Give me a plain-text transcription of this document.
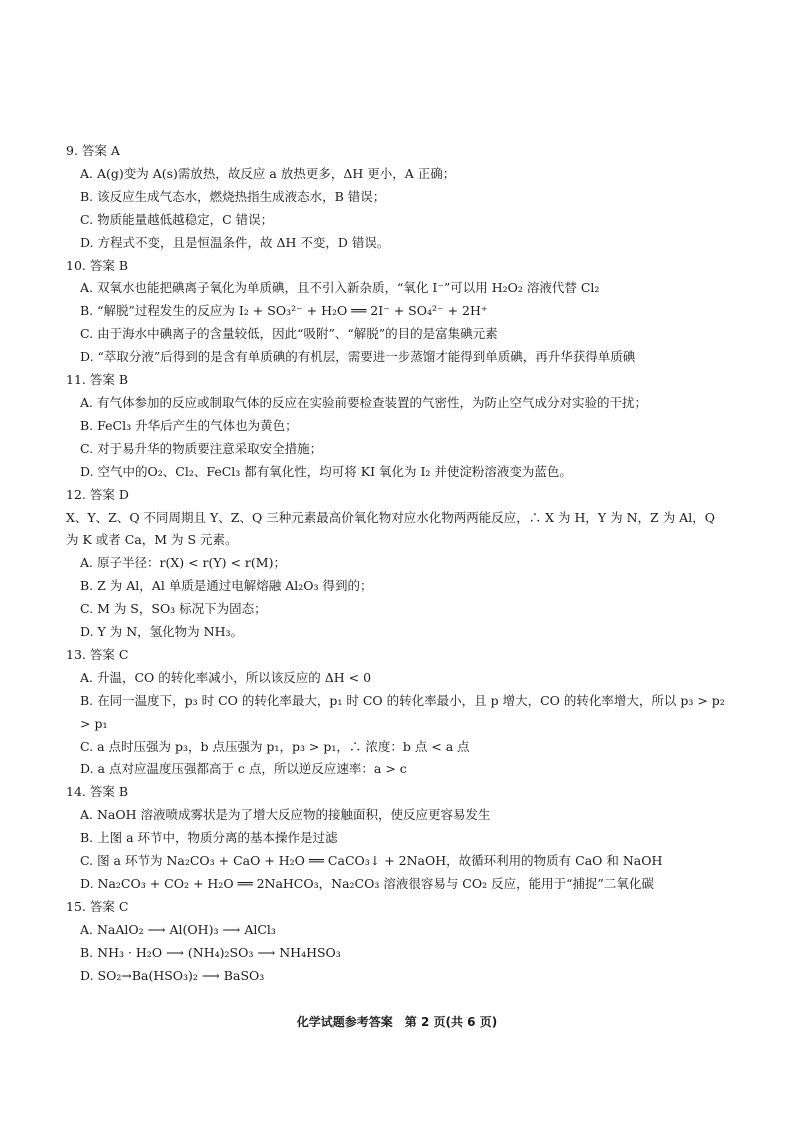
9. 答案 A
A. A(g)变为 A(s)需放热，故反应 a 放热更多，ΔH 更小，A 正确；
B. 该反应生成气态水，燃烧热指生成液态水，B 错误；
C. 物质能量越低越稳定，C 错误；
D. 方程式不变，且是恒温条件，故 ΔH 不变，D 错误。
10. 答案 B
A. 双氧水也能把碘离子氧化为单质碘，且不引入新杂质，“氧化 I⁻”可以用 H₂O₂ 溶液代替 Cl₂
B. “解脱”过程发生的反应为 I₂ + SO₃²⁻ + H₂O ══ 2I⁻ + SO₄²⁻ + 2H⁺
C. 由于海水中碘离子的含量较低，因此“吸附”、“解脱”的目的是富集碘元素
D. “萃取分液”后得到的是含有单质碘的有机层，需要进一步蒸馏才能得到单质碘，再升华获得单质碘
11. 答案 B
A. 有气体参加的反应或制取气体的反应在实验前要检查装置的气密性，为防止空气成分对实验的干扰；
B. FeCl₃ 升华后产生的气体也为黄色；
C. 对于易升华的物质要注意采取安全措施；
D. 空气中的O₂、Cl₂、FeCl₃ 都有氧化性，均可将 KI 氧化为 I₂ 并使淀粉溶液变为蓝色。
12. 答案 D
X、Y、Z、Q 不同周期且 Y、Z、Q 三种元素最高价氧化物对应水化物两两能反应，∴ X 为 H，Y 为 N，Z 为 Al，Q 为 K 或者 Ca，M 为 S 元素。
A. 原子半径：r(X) < r(Y) < r(M)；
B. Z 为 Al，Al 单质是通过电解熔融 Al₂O₃ 得到的；
C. M 为 S，SO₃ 标况下为固态；
D. Y 为 N，氢化物为 NH₃。
13. 答案 C
A. 升温，CO 的转化率减小，所以该反应的 ΔH < 0
B. 在同一温度下，p₃ 时 CO 的转化率最大，p₁ 时 CO 的转化率最小，且 p 增大，CO 的转化率增大，所以 p₃ > p₂ > p₁
C. a 点时压强为 p₃，b 点压强为 p₁，p₃ > p₁，∴ 浓度：b 点 < a 点
D. a 点对应温度压强都高于 c 点，所以逆反应速率：a > c
14. 答案 B
A. NaOH 溶液喷成雾状是为了增大反应物的接触面积，使反应更容易发生
B. 上图 a 环节中，物质分离的基本操作是过滤
C. 图 a 环节为 Na₂CO₃ + CaO + H₂O ══ CaCO₃↓ + 2NaOH，故循环利用的物质有 CaO 和 NaOH
D. Na₂CO₃ + CO₂ + H₂O ══ 2NaHCO₃，Na₂CO₃ 溶液很容易与 CO₂ 反应，能用于“捕捉”二氧化碳
15. 答案 C
A. NaAlO₂ ⟶ Al(OH)₃ ⟶ AlCl₃
B. NH₃ · H₂O ⟶ (NH₄)₂SO₃ ⟶ NH₄HSO₃
D. SO₂→Ba(HSO₃)₂ ⟶ BaSO₃
化学试题参考答案　第 2 页(共 6 页)
